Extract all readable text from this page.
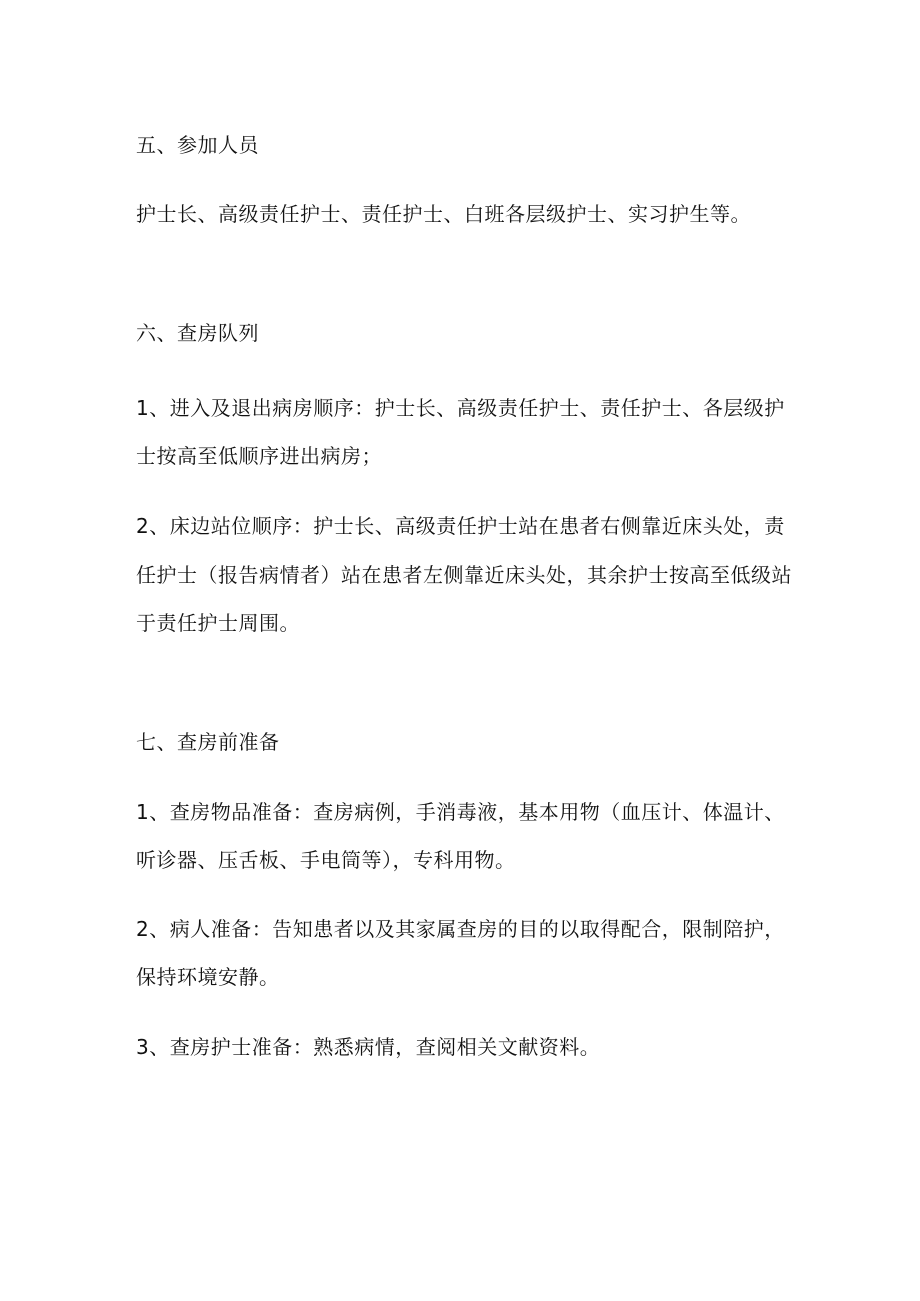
五、参加人员
护士长、高级责任护士、责任护士、白班各层级护士、实习护生等。
六、查房队列
1、进入及退出病房顺序：护士长、高级责任护士、责任护士、各层级护
士按高至低顺序进出病房；
2、床边站位顺序：护士长、高级责任护士站在患者右侧靠近床头处，责
任护士（报告病情者）站在患者左侧靠近床头处，其余护士按高至低级站
于责任护士周围。
七、查房前准备
1、查房物品准备：查房病例，手消毒液，基本用物（血压计、体温计、
听诊器、压舌板、手电筒等），专科用物。
2、病人准备：告知患者以及其家属查房的目的以取得配合，限制陪护，
保持环境安静。
3、查房护士准备：熟悉病情，查阅相关文献资料。
